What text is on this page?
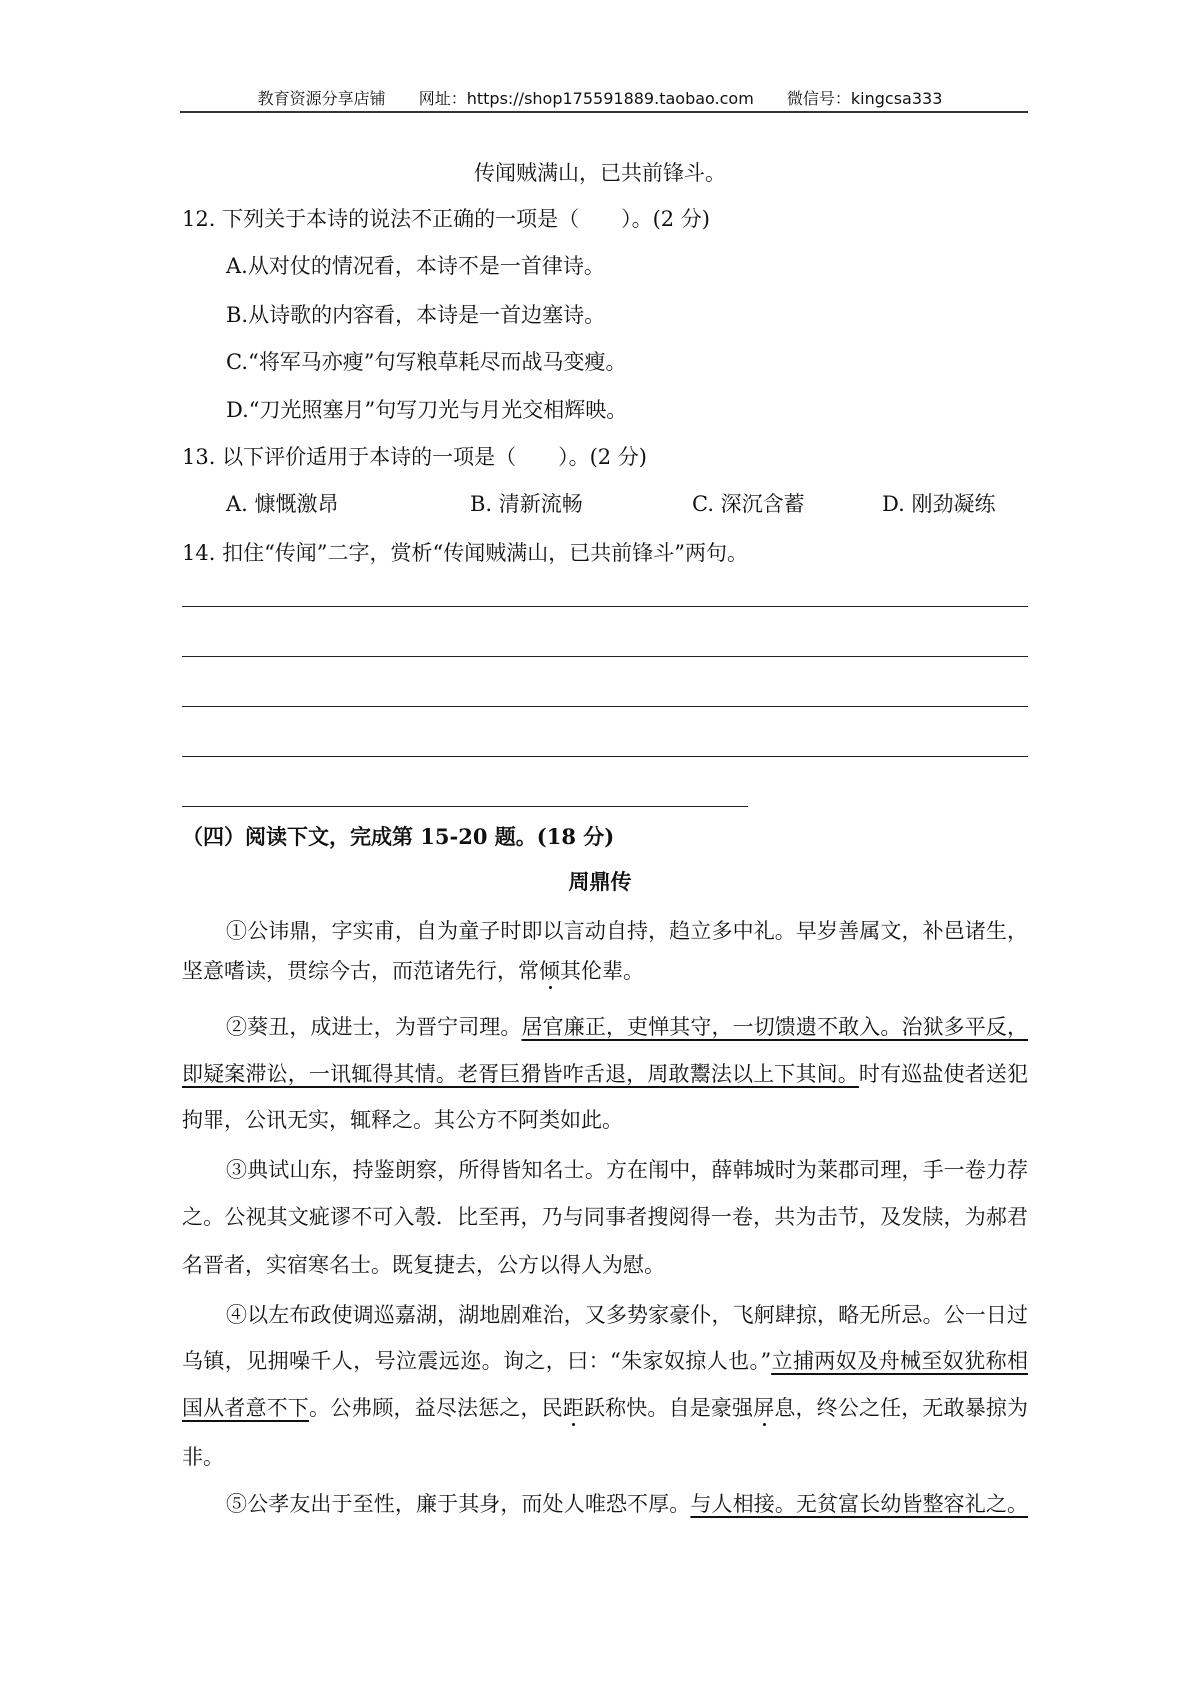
教育资源分享店铺 网址：https://shop175591889.taobao.com 微信号：kingcsa333
传闻贼满山，已共前锋斗。
12. 下列关于本诗的说法不正确的一项是（　　）。(2 分)
A.从对仗的情况看，本诗不是一首律诗。
B.从诗歌的内容看，本诗是一首边塞诗。
C.“将军马亦瘦”句写粮草耗尽而战马变瘦。
D.“刀光照塞月”句写刀光与月光交相辉映。
13. 以下评价适用于本诗的一项是（　　）。(2 分)
A. 慷慨激昂	B. 清新流畅	C. 深沉含蓄	D. 刚劲凝练
14. 扣住“传闻”二字，赏析“传闻贼满山，已共前锋斗”两句。
（四）阅读下文，完成第 15-20 题。(18 分)
周鼎传
①公讳鼎，字实甫，自为童子时即以言动自持，趋立多中礼。早岁善属文，补邑诸生，
坚意嗜读，贯综今古，而范诸先行，常倾其伦辈。
②葵丑，成进士，为晋宁司理。居官廉正，吏惮其守，一切馈遗不敢入。治狱多平反，
即疑案滞讼，一讯辄得其情。老胥巨猾皆咋舌退，周敢鬻法以上下其间。时有巡盐使者送犯
拘罪，公讯无实，辄释之。其公方不阿类如此。
③典试山东，持鉴朗察，所得皆知名士。方在闱中，薛韩城时为莱郡司理，手一卷力荐
之。公视其文疵谬不可入彀．比至再，乃与同事者搜阅得一卷，共为击节，及发牍，为郝君
名晋者，实宿寒名士。既复捷去，公方以得人为慰。
④以左布政使调巡嘉湖，湖地剧难治，又多势家豪仆，飞舸肆掠，略无所忌。公一日过
乌镇，见拥噪千人，号泣震远迩。询之，曰：“朱家奴掠人也。”立捕两奴及舟械至奴犹称相
国从者意不下。公弗顾，益尽法惩之，民距跃称快。自是豪强屏息，终公之任，无敢暴掠为
非。
⑤公孝友出于至性，廉于其身，而处人唯恐不厚。与人相接。无贫富长幼皆整容礼之。
